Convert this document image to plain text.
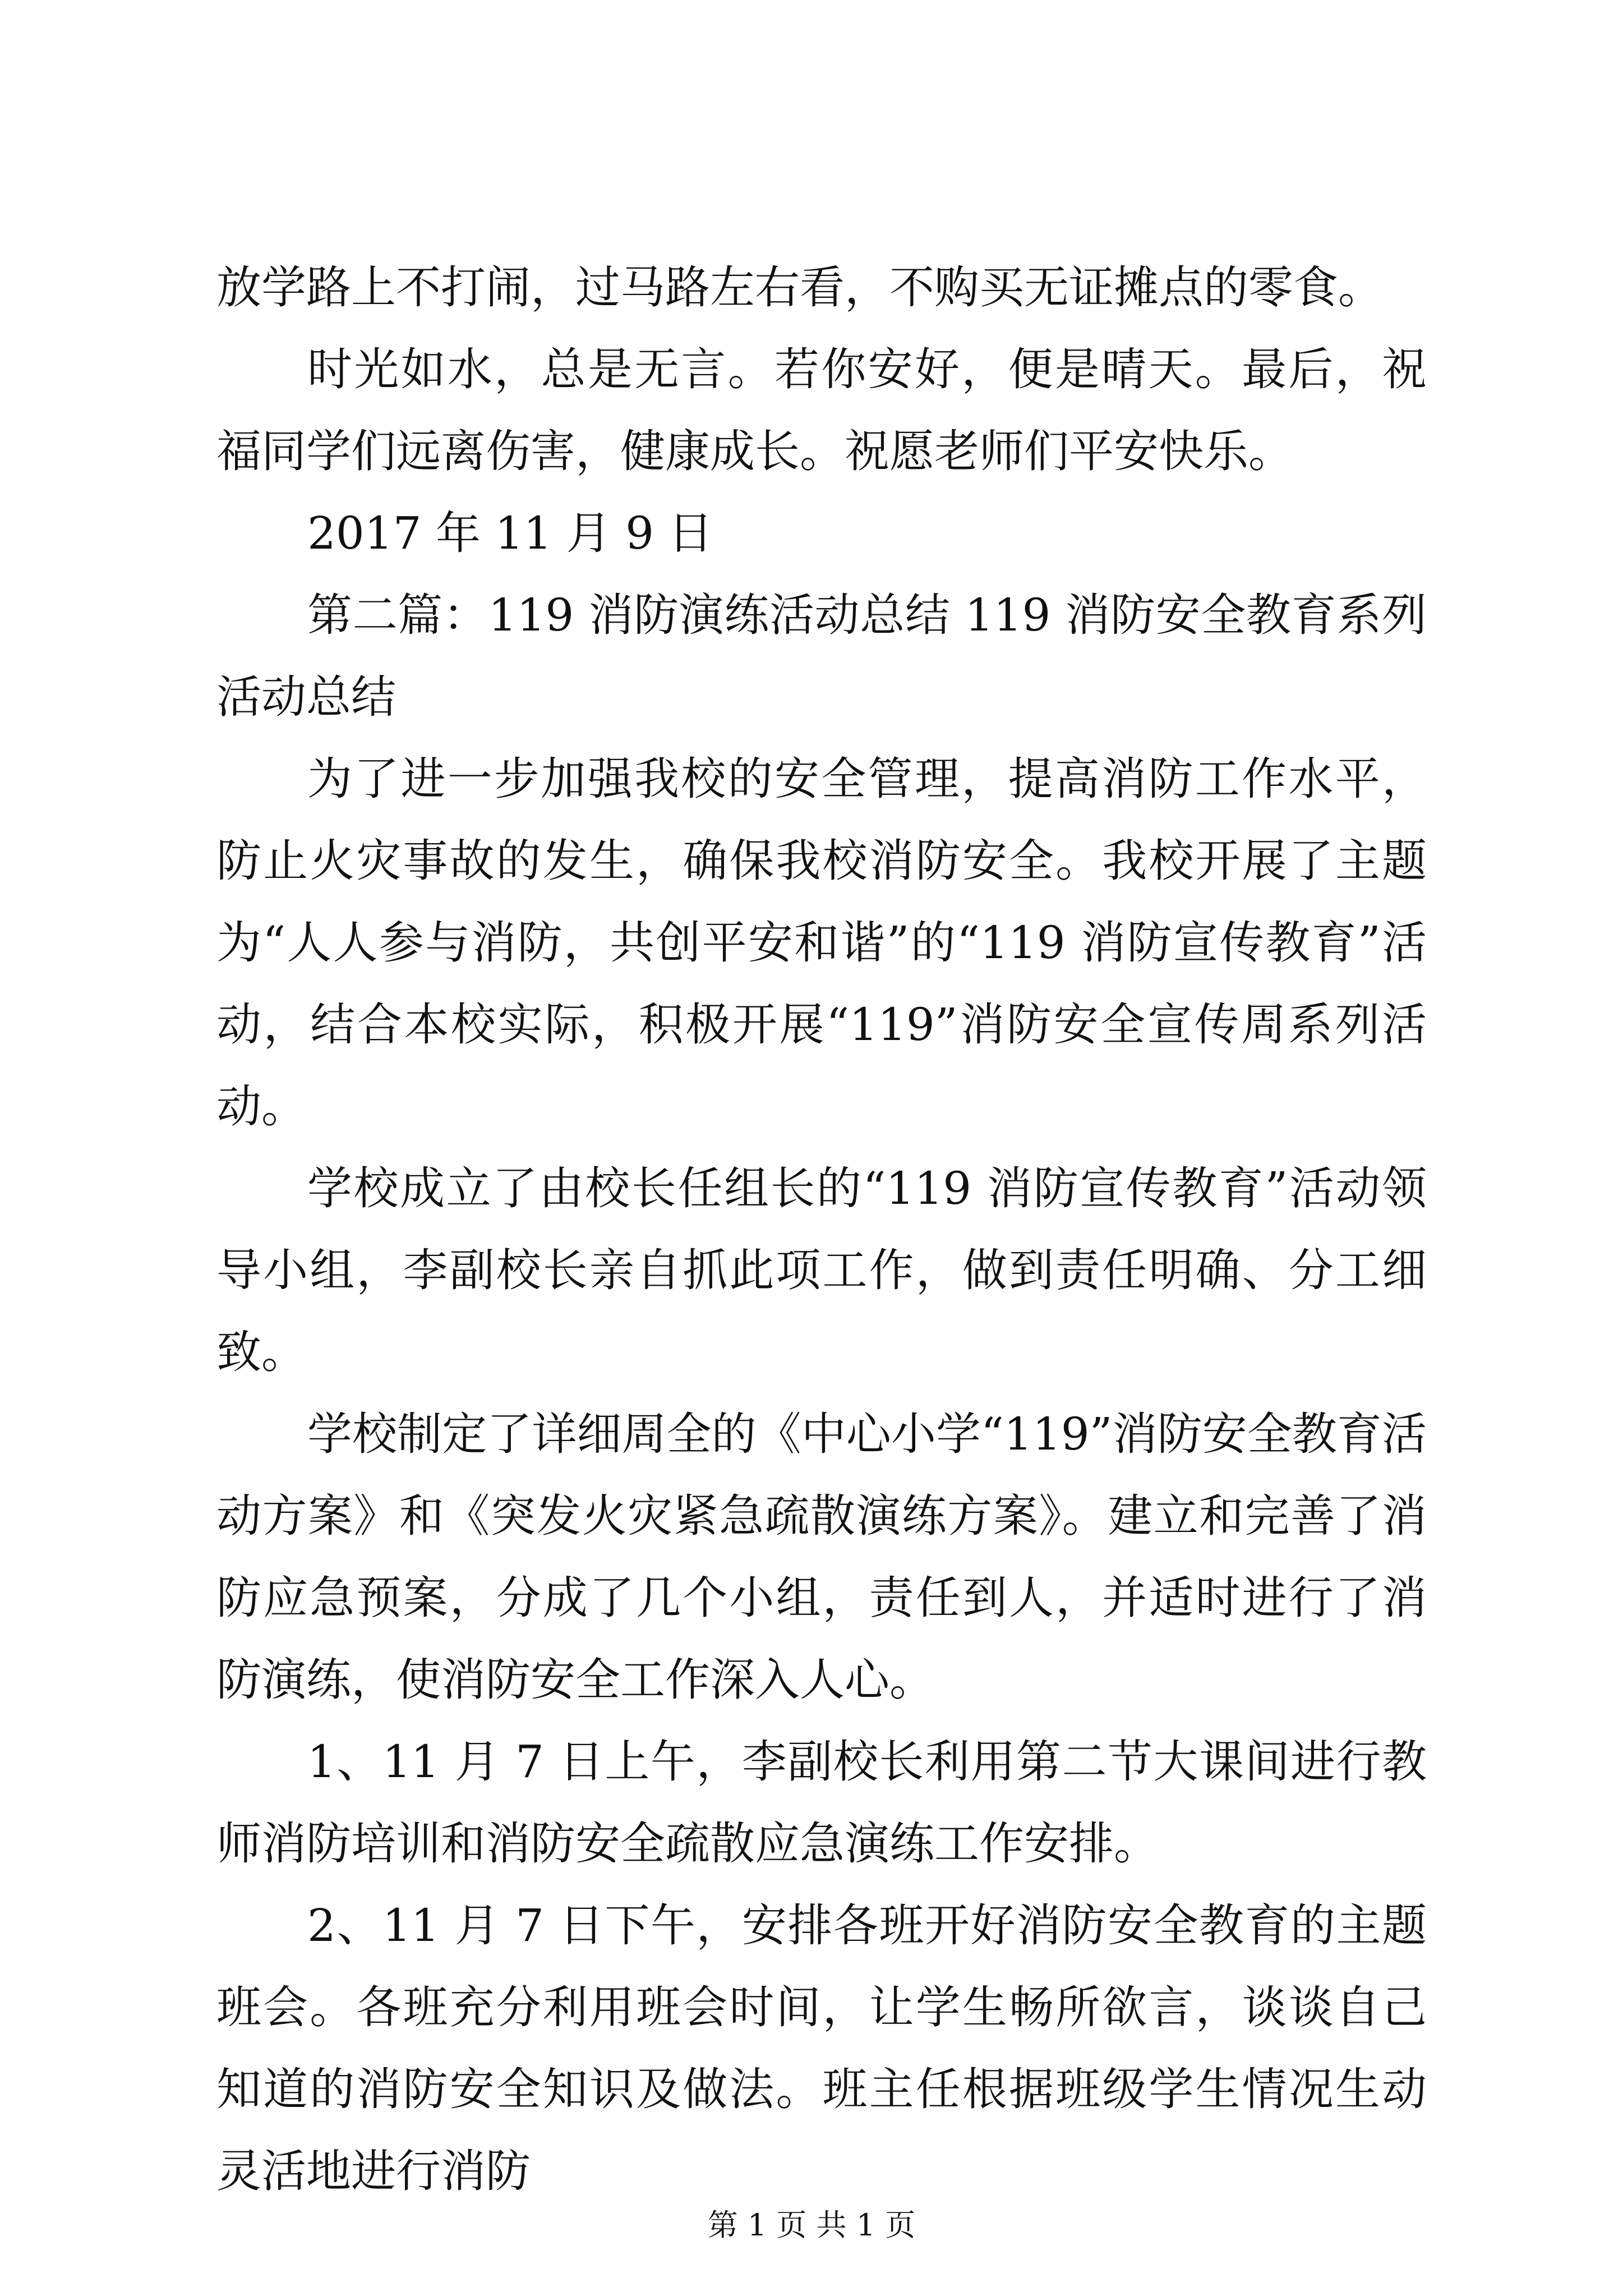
放学路上不打闹，过马路左右看，不购买无证摊点的零食。

时光如水，总是无言。若你安好，便是晴天。最后，祝福同学们远离伤害，健康成长。祝愿老师们平安快乐。

2017 年 11 月 9 日

第二篇：119 消防演练活动总结 119 消防安全教育系列活动总结

为了进一步加强我校的安全管理，提高消防工作水平，防止火灾事故的发生，确保我校消防安全。我校开展了主题为“人人参与消防，共创平安和谐”的“119 消防宣传教育”活动，结合本校实际，积极开展“119”消防安全宣传周系列活动。

学校成立了由校长任组长的“119 消防宣传教育”活动领导小组，李副校长亲自抓此项工作，做到责任明确、分工细致。

学校制定了详细周全的《中心小学“119”消防安全教育活动方案》和《突发火灾紧急疏散演练方案》。建立和完善了消防应急预案，分成了几个小组，责任到人，并适时进行了消防演练，使消防安全工作深入人心。

1、11 月 7 日上午，李副校长利用第二节大课间进行教师消防培训和消防安全疏散应急演练工作安排。

2、11 月 7 日下午，安排各班开好消防安全教育的主题班会。各班充分利用班会时间，让学生畅所欲言，谈谈自己知道的消防安全知识及做法。班主任根据班级学生情况生动灵活地进行消防

第 1 页 共 1 页
